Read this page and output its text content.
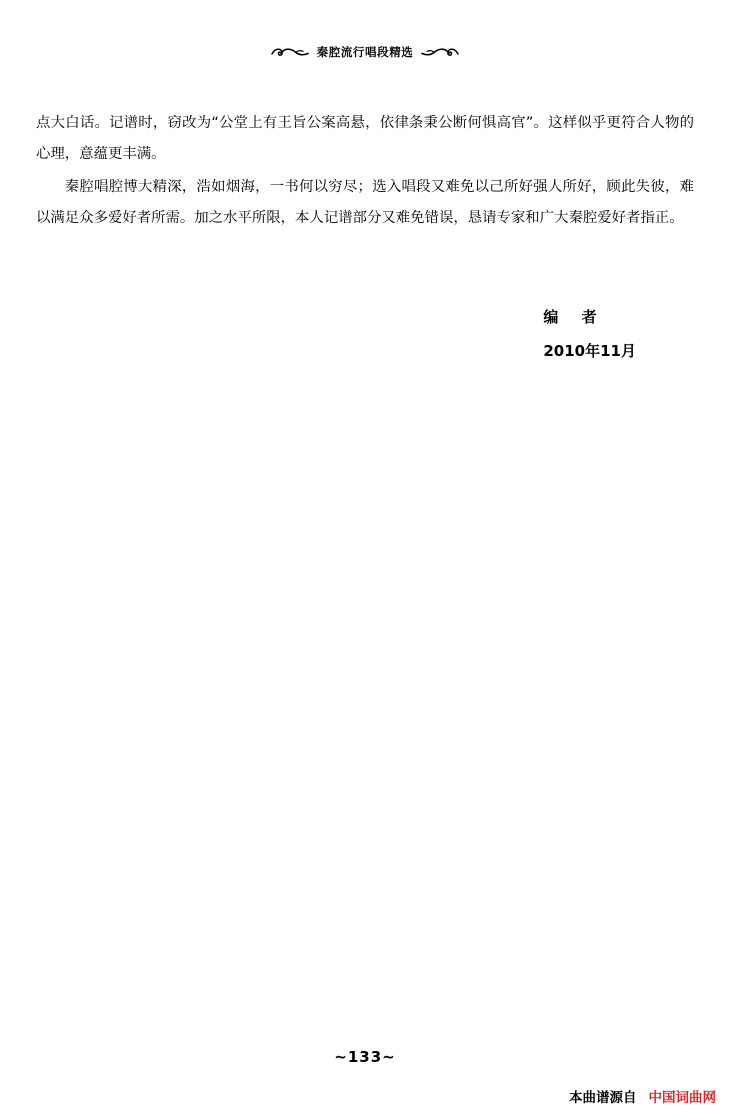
秦腔流行唱段精选

点大白话。记谱时，窃改为“公堂上有王旨公案高悬，依律条秉公断何惧高官”。这样似乎更符合人物的心理，意蕴更丰满。

秦腔唱腔博大精深，浩如烟海，一书何以穷尽；选入唱段又难免以己所好强人所好，顾此失彼，难以满足众多爱好者所需。加之水平所限，本人记谱部分又难免错误，恳请专家和广大秦腔爱好者指正。

编 者
2010年11月
~133~
本曲谱源自 中国词曲网
